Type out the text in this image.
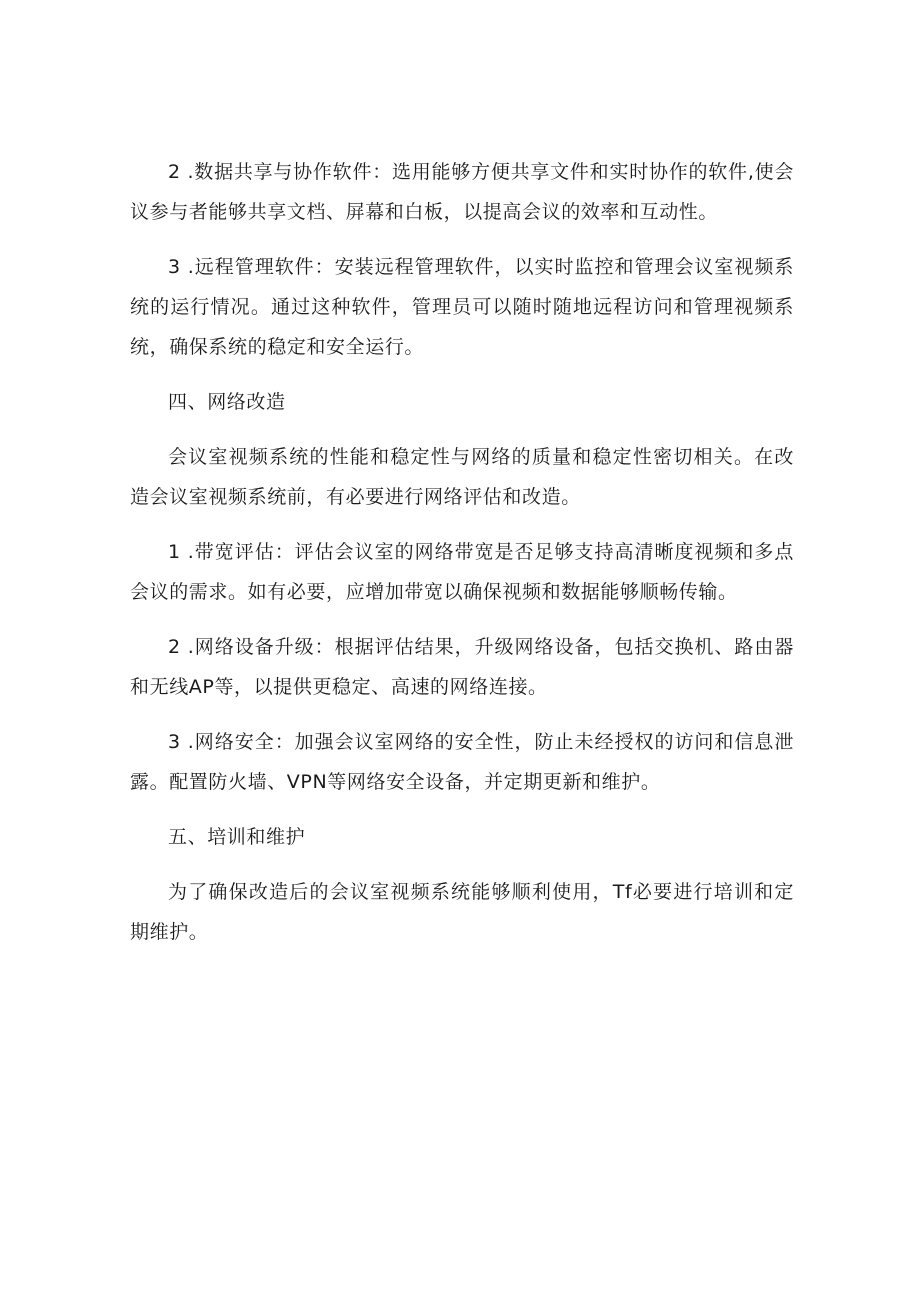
2 .数据共享与协作软件：选用能够方便共享文件和实时协作的软件,使会议参与者能够共享文档、屏幕和白板，以提高会议的效率和互动性。

3 .远程管理软件：安装远程管理软件，以实时监控和管理会议室视频系统的运行情况。通过这种软件，管理员可以随时随地远程访问和管理视频系统，确保系统的稳定和安全运行。

四、网络改造

会议室视频系统的性能和稳定性与网络的质量和稳定性密切相关。在改造会议室视频系统前，有必要进行网络评估和改造。

1 .带宽评估：评估会议室的网络带宽是否足够支持高清晰度视频和多点会议的需求。如有必要，应增加带宽以确保视频和数据能够顺畅传输。

2 .网络设备升级：根据评估结果，升级网络设备，包括交换机、路由器和无线AP等，以提供更稳定、高速的网络连接。

3 .网络安全：加强会议室网络的安全性，防止未经授权的访问和信息泄露。配置防火墙、VPN等网络安全设备，并定期更新和维护。

五、培训和维护

为了确保改造后的会议室视频系统能够顺利使用，Tf必要进行培训和定期维护。
